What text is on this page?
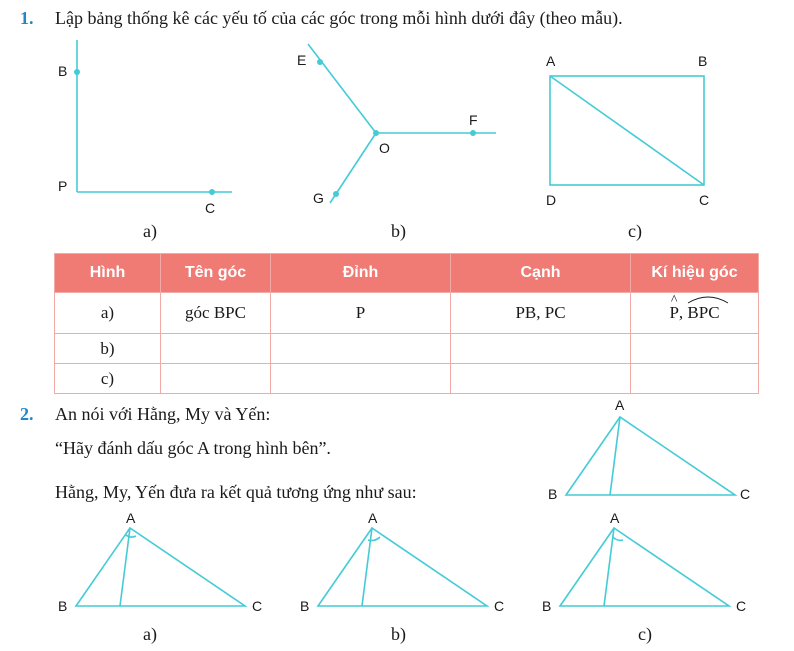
1. Lập bảng thống kê các yếu tố của các góc trong mỗi hình dưới đây (theo mẫu).
B
P
C
a)
E
F
O
G
b)
A	B
D	C
c)
Hình	Tên góc	Đỉnh	Cạnh	Kí hiệu góc
a)	góc BPC	P	PB, PC	^ P, BPC
b)				
c)				
2. An nói với Hằng, My và Yến:
“Hãy đánh dấu góc A trong hình bên”.
Hằng, My, Yến đưa ra kết quả tương ứng như sau:
A
B	C
A
B	C
a)
A
B	C
b)
A
B	C
c)
